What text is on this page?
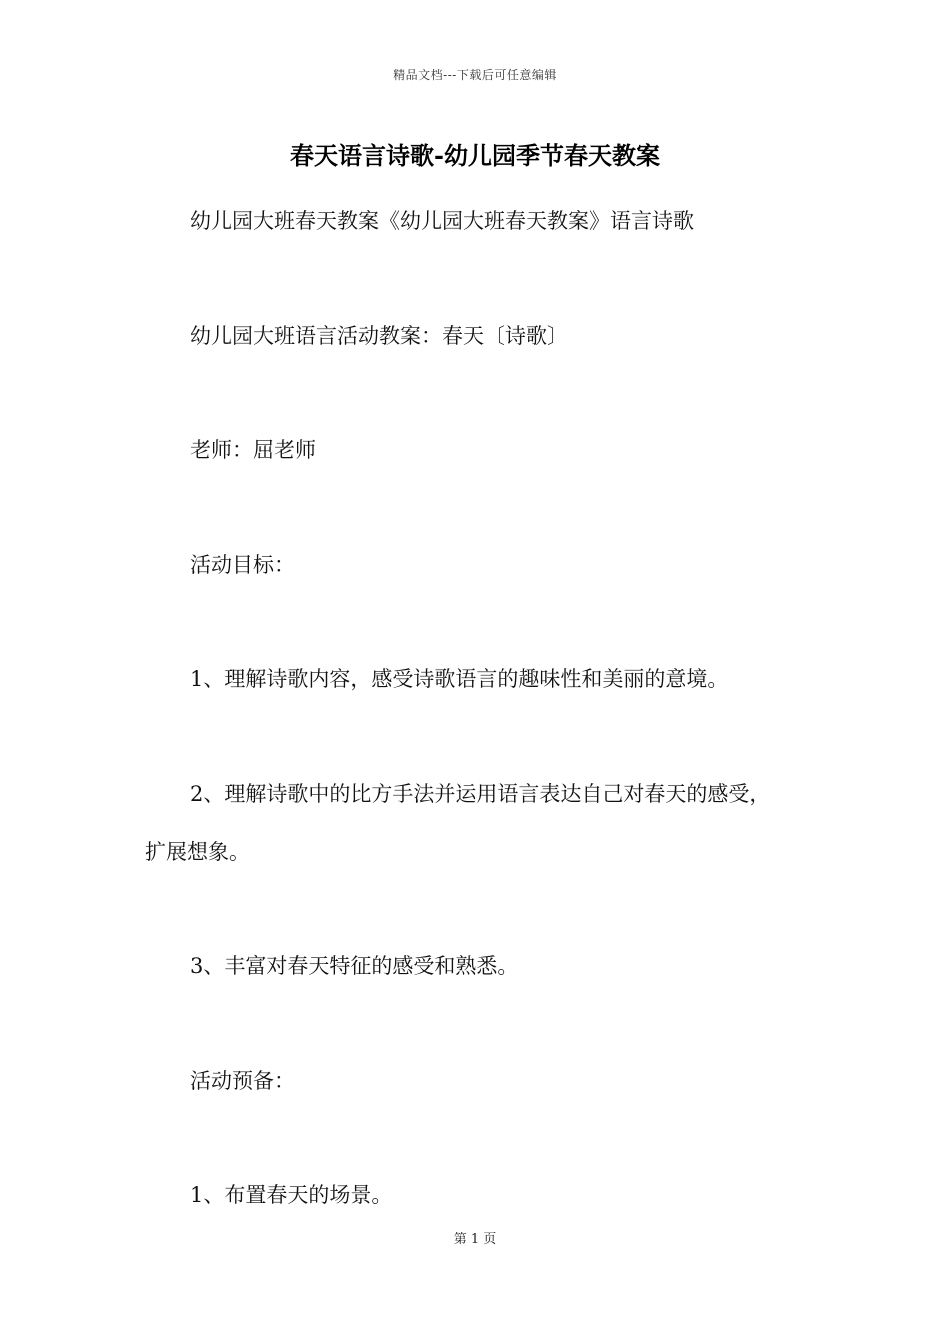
精品文档---下载后可任意编辑
春天语言诗歌-幼儿园季节春天教案
幼儿园大班春天教案《幼儿园大班春天教案》语言诗歌
幼儿园大班语言活动教案：春天〔诗歌〕
老师：屈老师
活动目标：
1、理解诗歌内容，感受诗歌语言的趣味性和美丽的意境。
2、理解诗歌中的比方手法并运用语言表达自己对春天的感受，
扩展想象。
3、丰富对春天特征的感受和熟悉。
活动预备：
1、布置春天的场景。
第 1 页
